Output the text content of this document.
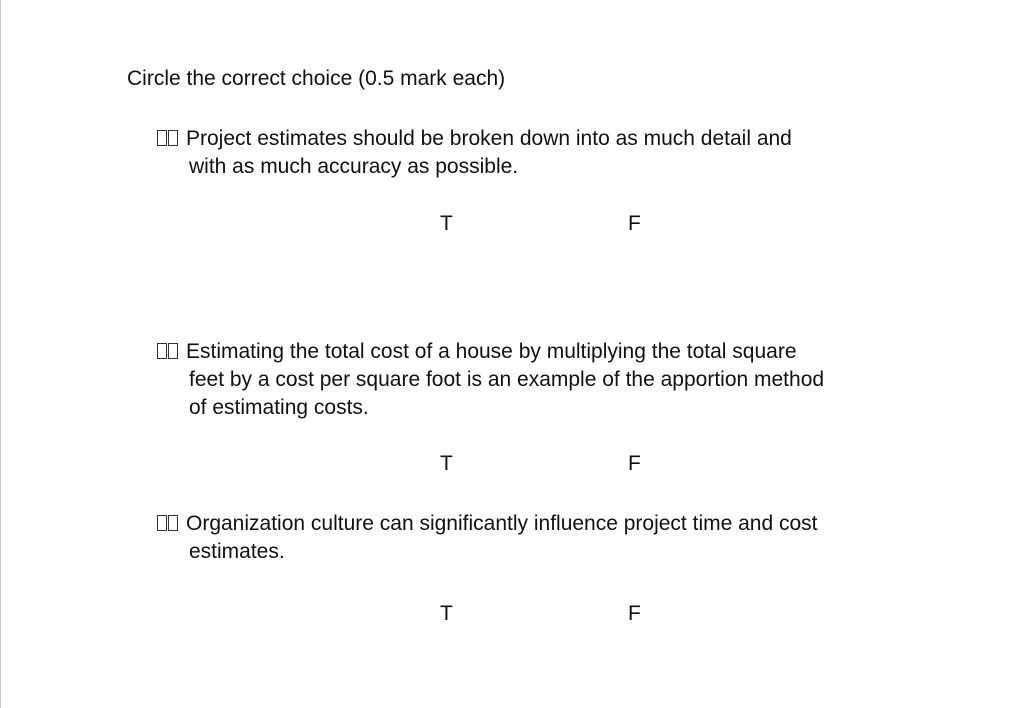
Circle the correct choice (0.5 mark each)
Project estimates should be broken down into as much detail and
with as much accuracy as possible.
T	F
Estimating the total cost of a house by multiplying the total square
feet by a cost per square foot is an example of the apportion method
of estimating costs.
T	F
Organization culture can significantly influence project time and cost
estimates.
T	F
